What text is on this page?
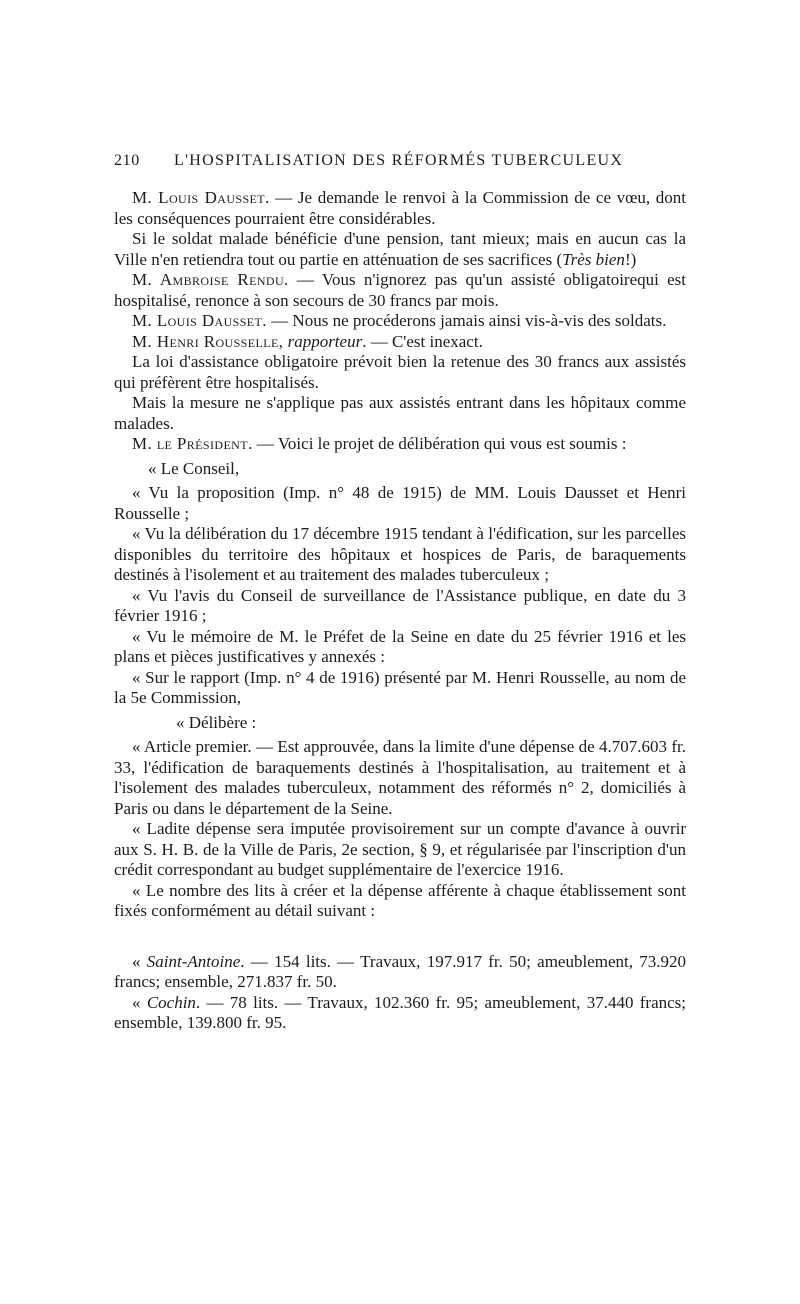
210 L'HOSPITALISATION DES RÉFORMÉS TUBERCULEUX

M. Louis Dausset. — Je demande le renvoi à la Commission de ce vœu, dont les conséquences pourraient être considérables.

Si le soldat malade bénéficie d'une pension, tant mieux; mais en aucun cas la Ville n'en retiendra tout ou partie en atténuation de ses sacrifices (Très bien!)

M. Ambroise Rendu. — Vous n'ignorez pas qu'un assisté obligatoirequi est hospitalisé, renonce à son secours de 30 francs par mois.

M. Louis Dausset. — Nous ne procéderons jamais ainsi vis-à-vis des soldats.

M. Henri Rousselle, rapporteur. — C'est inexact.

La loi d'assistance obligatoire prévoit bien la retenue des 30 francs aux assistés qui préfèrent être hospitalisés.

Mais la mesure ne s'applique pas aux assistés entrant dans les hôpitaux comme malades.

M. le Président. — Voici le projet de délibération qui vous est soumis :

« Le Conseil,

« Vu la proposition (Imp. n° 48 de 1915) de MM. Louis Dausset et Henri Rousselle ;

« Vu la délibération du 17 décembre 1915 tendant à l'édification, sur les parcelles disponibles du territoire des hôpitaux et hospices de Paris, de baraquements destinés à l'isolement et au traitement des malades tuberculeux ;

« Vu l'avis du Conseil de surveillance de l'Assistance publique, en date du 3 février 1916 ;

« Vu le mémoire de M. le Préfet de la Seine en date du 25 février 1916 et les plans et pièces justificatives y annexés :

« Sur le rapport (Imp. n° 4 de 1916) présenté par M. Henri Rousselle, au nom de la 5e Commission,

« Délibère :

« Article premier. — Est approuvée, dans la limite d'une dépense de 4.707.603 fr. 33, l'édification de baraquements destinés à l'hospitalisation, au traitement et à l'isolement des malades tuberculeux, notamment des réformés n° 2, domiciliés à Paris ou dans le département de la Seine.

« Ladite dépense sera imputée provisoirement sur un compte d'avance à ouvrir aux S. H. B. de la Ville de Paris, 2e section, § 9, et régularisée par l'inscription d'un crédit correspondant au budget supplémentaire de l'exercice 1916.

« Le nombre des lits à créer et la dépense afférente à chaque établissement sont fixés conformément au détail suivant :

« Saint-Antoine. — 154 lits. — Travaux, 197.917 fr. 50; ameublement, 73.920 francs; ensemble, 271.837 fr. 50.

« Cochin. — 78 lits. — Travaux, 102.360 fr. 95; ameublement, 37.440 francs; ensemble, 139.800 fr. 95.
